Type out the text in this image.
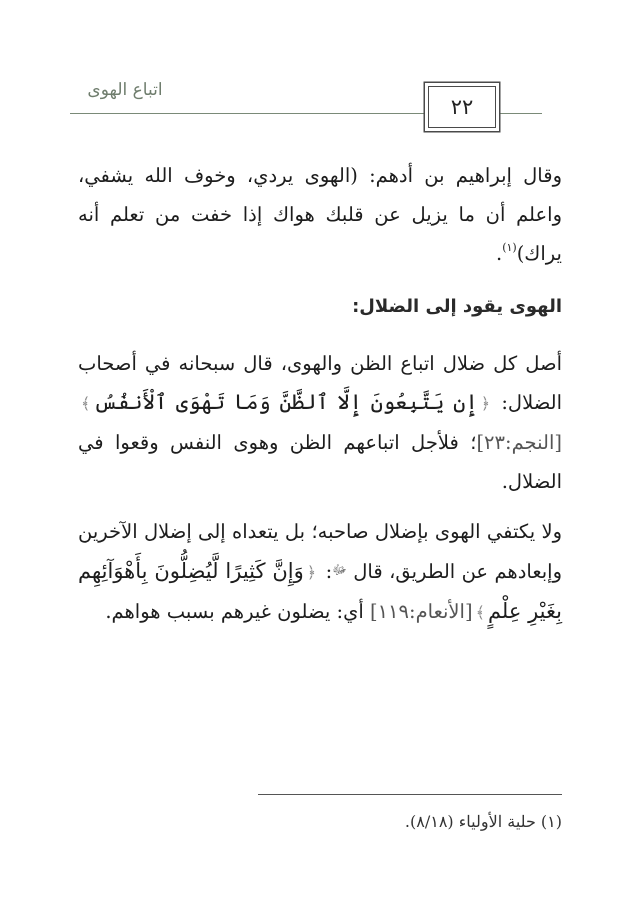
اتباع الهوى
٢٢
وقال إبراهيم بن أدهم: (الهوى يردي، وخوف الله يشفي، واعلم أن ما يزيل عن قلبك هواك إذا خفت من تعلم أنه يراك)$^{(١)}$.
الهوى يقود إلى الضلال:
أصل كل ضلال اتباع الظن والهوى، قال سبحانه في أصحاب الضلال: ﴿إِن يَتَّبِعُونَ إِلَّا ٱلظَّنَّ وَمَا تَهْوَى ٱلْأَنفُسُ﴾[النجم:٢٣]؛ فلأجل اتباعهم الظن وهوى النفس وقعوا في الضلال.
ولا يكتفي الهوى بإضلال صاحبه؛ بل يتعداه إلى إضلال الآخرين وإبعادهم عن الطريق، قال $^ﷻ$: ﴿وَإِنَّ كَثِيرًا لَّيُضِلُّونَ بِأَهْوَآئِهِم بِغَيْرِ عِلْمٍ﴾[الأنعام:١١٩] أي: يضلون غيرهم بسبب هواهم.
(١) حلية الأولياء (٨/١٨).
